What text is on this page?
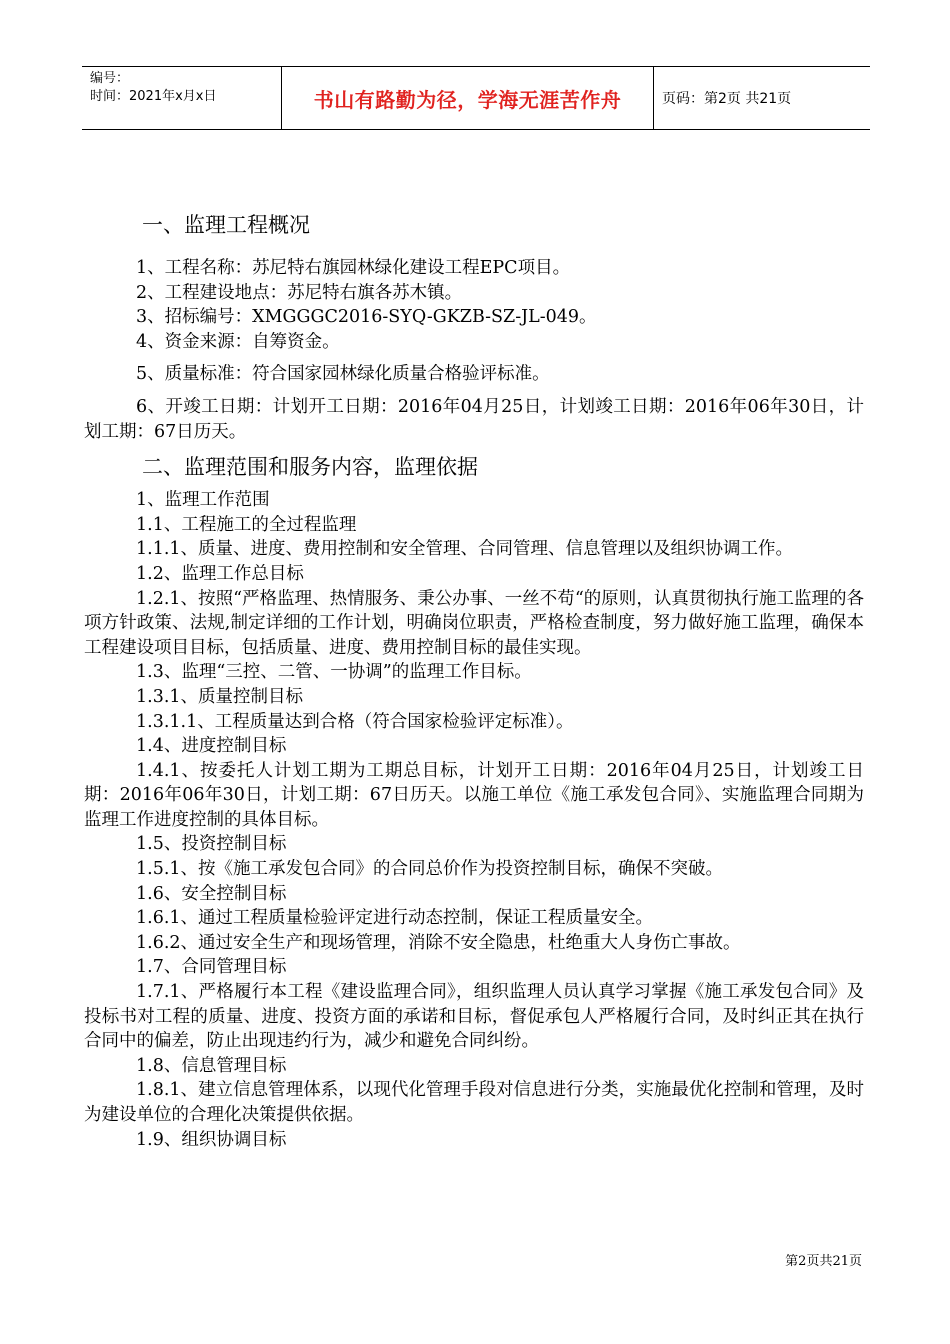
编号：
时间：2021年x月x日	书山有路勤为径，学海无涯苦作舟	页码：第2页 共21页
一、监理工程概况

1、工程名称：苏尼特右旗园林绿化建设工程EPC项目。

2、工程建设地点：苏尼特右旗各苏木镇。

3、招标编号：XMGGGC2016-SYQ-GKZB-SZ-JL-049。

4、资金来源：自筹资金。

5、质量标准：符合国家园林绿化质量合格验评标准。

6、开竣工日期：计划开工日期：2016年04月25日，计划竣工日期：2016年06年30日，计划工期：67日历天。

二、监理范围和服务内容，监理依据

1、监理工作范围

1.1、工程施工的全过程监理

1.1.1、质量、进度、费用控制和安全管理、合同管理、信息管理以及组织协调工作。

1.2、监理工作总目标

1.2.1、按照“严格监理、热情服务、秉公办事、一丝不苟“的原则，认真贯彻执行施工监理的各项方针政策、法规,制定详细的工作计划，明确岗位职责，严格检查制度，努力做好施工监理，确保本工程建设项目目标，包括质量、进度、费用控制目标的最佳实现。

1.3、监理“三控、二管、一协调”的监理工作目标。

1.3.1、质量控制目标

1.3.1.1、工程质量达到合格（符合国家检验评定标准）。

1.4、进度控制目标

1.4.1、按委托人计划工期为工期总目标，计划开工日期：2016年04月25日，计划竣工日期：2016年06年30日，计划工期：67日历天。以施工单位《施工承发包合同》、实施监理合同期为监理工作进度控制的具体目标。

1.5、投资控制目标

1.5.1、按《施工承发包合同》的合同总价作为投资控制目标，确保不突破。

1.6、安全控制目标

1.6.1、通过工程质量检验评定进行动态控制，保证工程质量安全。

1.6.2、通过安全生产和现场管理，消除不安全隐患，杜绝重大人身伤亡事故。

1.7、合同管理目标

1.7.1、严格履行本工程《建设监理合同》，组织监理人员认真学习掌握《施工承发包合同》及投标书对工程的质量、进度、投资方面的承诺和目标，督促承包人严格履行合同，及时纠正其在执行合同中的偏差，防止出现违约行为，减少和避免合同纠纷。

1.8、信息管理目标

1.8.1、建立信息管理体系，以现代化管理手段对信息进行分类，实施最优化控制和管理，及时为建设单位的合理化决策提供依据。

1.9、组织协调目标

第2页共21页
